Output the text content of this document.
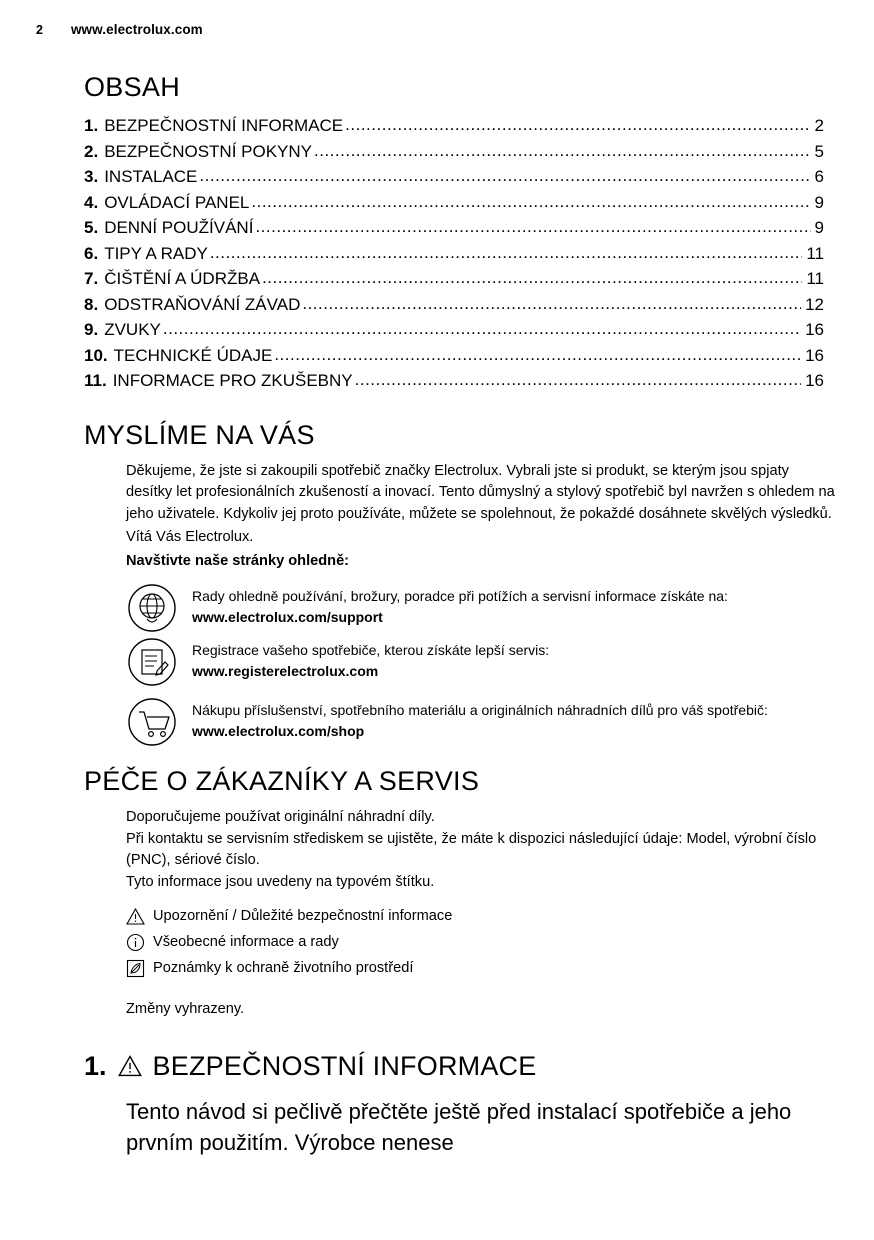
2 www.electrolux.com
OBSAH
1. BEZPEČNOSTNÍ INFORMACE .....	2
2. BEZPEČNOSTNÍ POKYNY .....	5
3. INSTALACE .....	6
4. OVLÁDACÍ PANEL .....	9
5. DENNÍ POUŽÍVÁNÍ .....	9
6. TIPY A RADY .....	11
7. ČIŠTĚNÍ A ÚDRŽBA .....	11
8. ODSTRAŇOVÁNÍ ZÁVAD .....	12
9. ZVUKY .....	16
10. TECHNICKÉ ÚDAJE .....	16
11. INFORMACE PRO ZKUŠEBNY .....	16
MYSLÍME NA VÁS

Děkujeme, že jste si zakoupili spotřebič značky Electrolux. Vybrali jste si produkt, se kterým jsou spjaty desítky let profesionálních zkušeností a inovací. Tento důmyslný a stylový spotřebič byl navržen s ohledem na jeho uživatele. Kdykoliv jej proto používáte, můžete se spolehnout, že pokaždé dosáhnete skvělých výsledků.

Vítá Vás Electrolux.

Navštivte naše stránky ohledně:

Rady ohledně používání, brožury, poradce při potížích a servisní informace získáte na:
www.electrolux.com/support
Registrace vašeho spotřebiče, kterou získáte lepší servis:
www.registerelectrolux.com
Nákupu příslušenství, spotřebního materiálu a originálních náhradních dílů pro váš spotřebič:
www.electrolux.com/shop
PÉČE O ZÁKAZNÍKY A SERVIS

Doporučujeme používat originální náhradní díly.

Při kontaktu se servisním střediskem se ujistěte, že máte k dispozici následující údaje: Model, výrobní číslo (PNC), sériové číslo.

Tyto informace jsou uvedeny na typovém štítku.

Upozornění / Důležité bezpečnostní informace
Všeobecné informace a rady
Poznámky k ochraně životního prostředí

Změny vyhrazeny.

1. BEZPEČNOSTNÍ INFORMACE
Tento návod si pečlivě přečtěte ještě před instalací spotřebiče a jeho prvním použitím. Výrobce nenese
